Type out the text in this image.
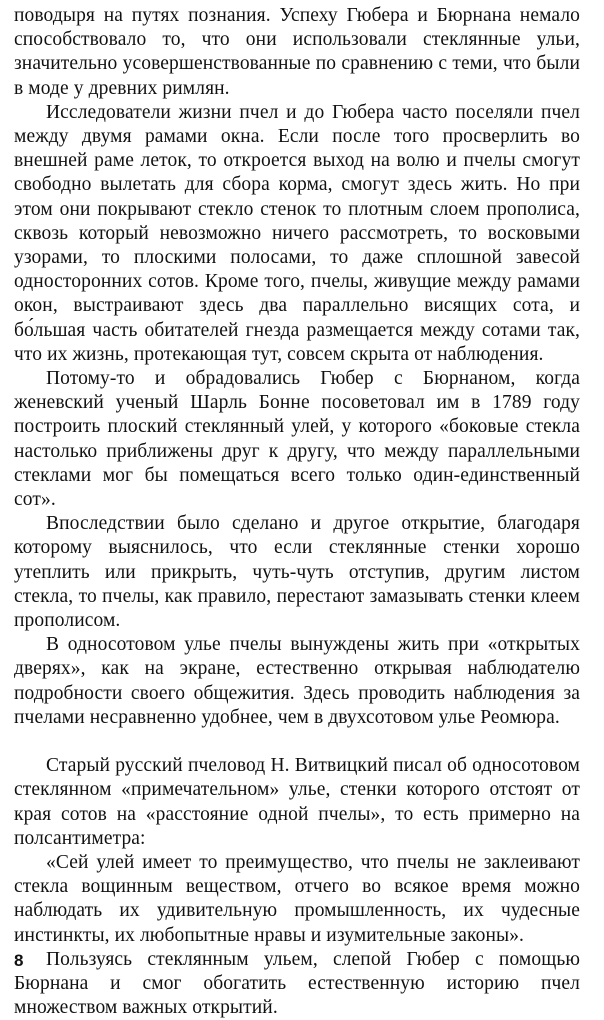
поводыря на путях познания. Успеху Гюбера и Бюрнана немало способствовало то, что они использовали стеклянные ульи, значительно усовершенствованные по сравнению с теми, что были в моде у древних римлян.

Исследователи жизни пчел и до Гюбера часто поселяли пчел между двумя рамами окна. Если после того просверлить во внешней раме леток, то откроется выход на волю и пчелы смогут свободно вылетать для сбора корма, смогут здесь жить. Но при этом они покрывают стекло стенок то плотным слоем прополиса, сквозь который невозможно ничего рассмотреть, то восковыми узорами, то плоскими полосами, то даже сплошной завесой односторонних сотов. Кроме того, пчелы, живущие между рамами окон, выстраивают здесь два параллельно висящих сота, и бо́льшая часть обитателей гнезда размещается между сотами так, что их жизнь, протекающая тут, совсем скрыта от наблюдения.

Потому-то и обрадовались Гюбер с Бюрнаном, когда женевский ученый Шарль Бонне посоветовал им в 1789 году построить плоский стеклянный улей, у которого «боковые стекла настолько приближены друг к другу, что между параллельными стеклами мог бы помещаться всего только один-единственный сот».

Впоследствии было сделано и другое открытие, благодаря которому выяснилось, что если стеклянные стенки хорошо утеплить или прикрыть, чуть-чуть отступив, другим листом стекла, то пчелы, как правило, перестают замазывать стенки клеем прополисом.

В односотовом улье пчелы вынуждены жить при «открытых дверях», как на экране, естественно открывая наблюдателю подробности своего общежития. Здесь проводить наблюдения за пчелами несравненно удобнее, чем в двухсотовом улье Реомюра.

Старый русский пчеловод Н. Витвицкий писал об односотовом стеклянном «примечательном» улье, стенки которого отстоят от края сотов на «расстояние одной пчелы», то есть примерно на полсантиметра:

«Сей улей имеет то преимущество, что пчелы не заклеивают стекла вощинным веществом, отчего во всякое время можно наблюдать их удивительную промышленность, их чудесные инстинкты, их любопытные нравы и изумительные законы».

Пользуясь стеклянным ульем, слепой Гюбер с помощью Бюрнана и смог обогатить естественную историю пчел множеством важных открытий.

8
